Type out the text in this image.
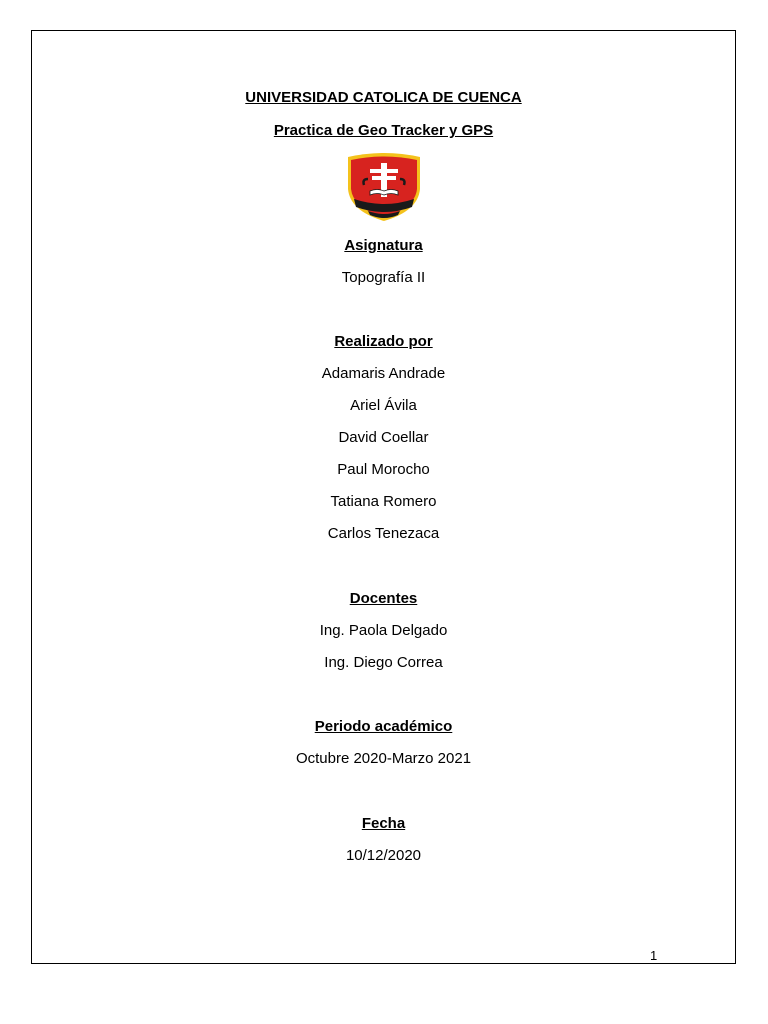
UNIVERSIDAD CATOLICA DE CUENCA
Practica de Geo Tracker y GPS
Asignatura
Topografía II
Realizado por
Adamaris Andrade
Ariel Ávila
David Coellar
Paul Morocho
Tatiana Romero
Carlos Tenezaca
Docentes
Ing. Paola Delgado
Ing. Diego Correa
Periodo académico
Octubre 2020-Marzo 2021
Fecha
10/12/2020
1
